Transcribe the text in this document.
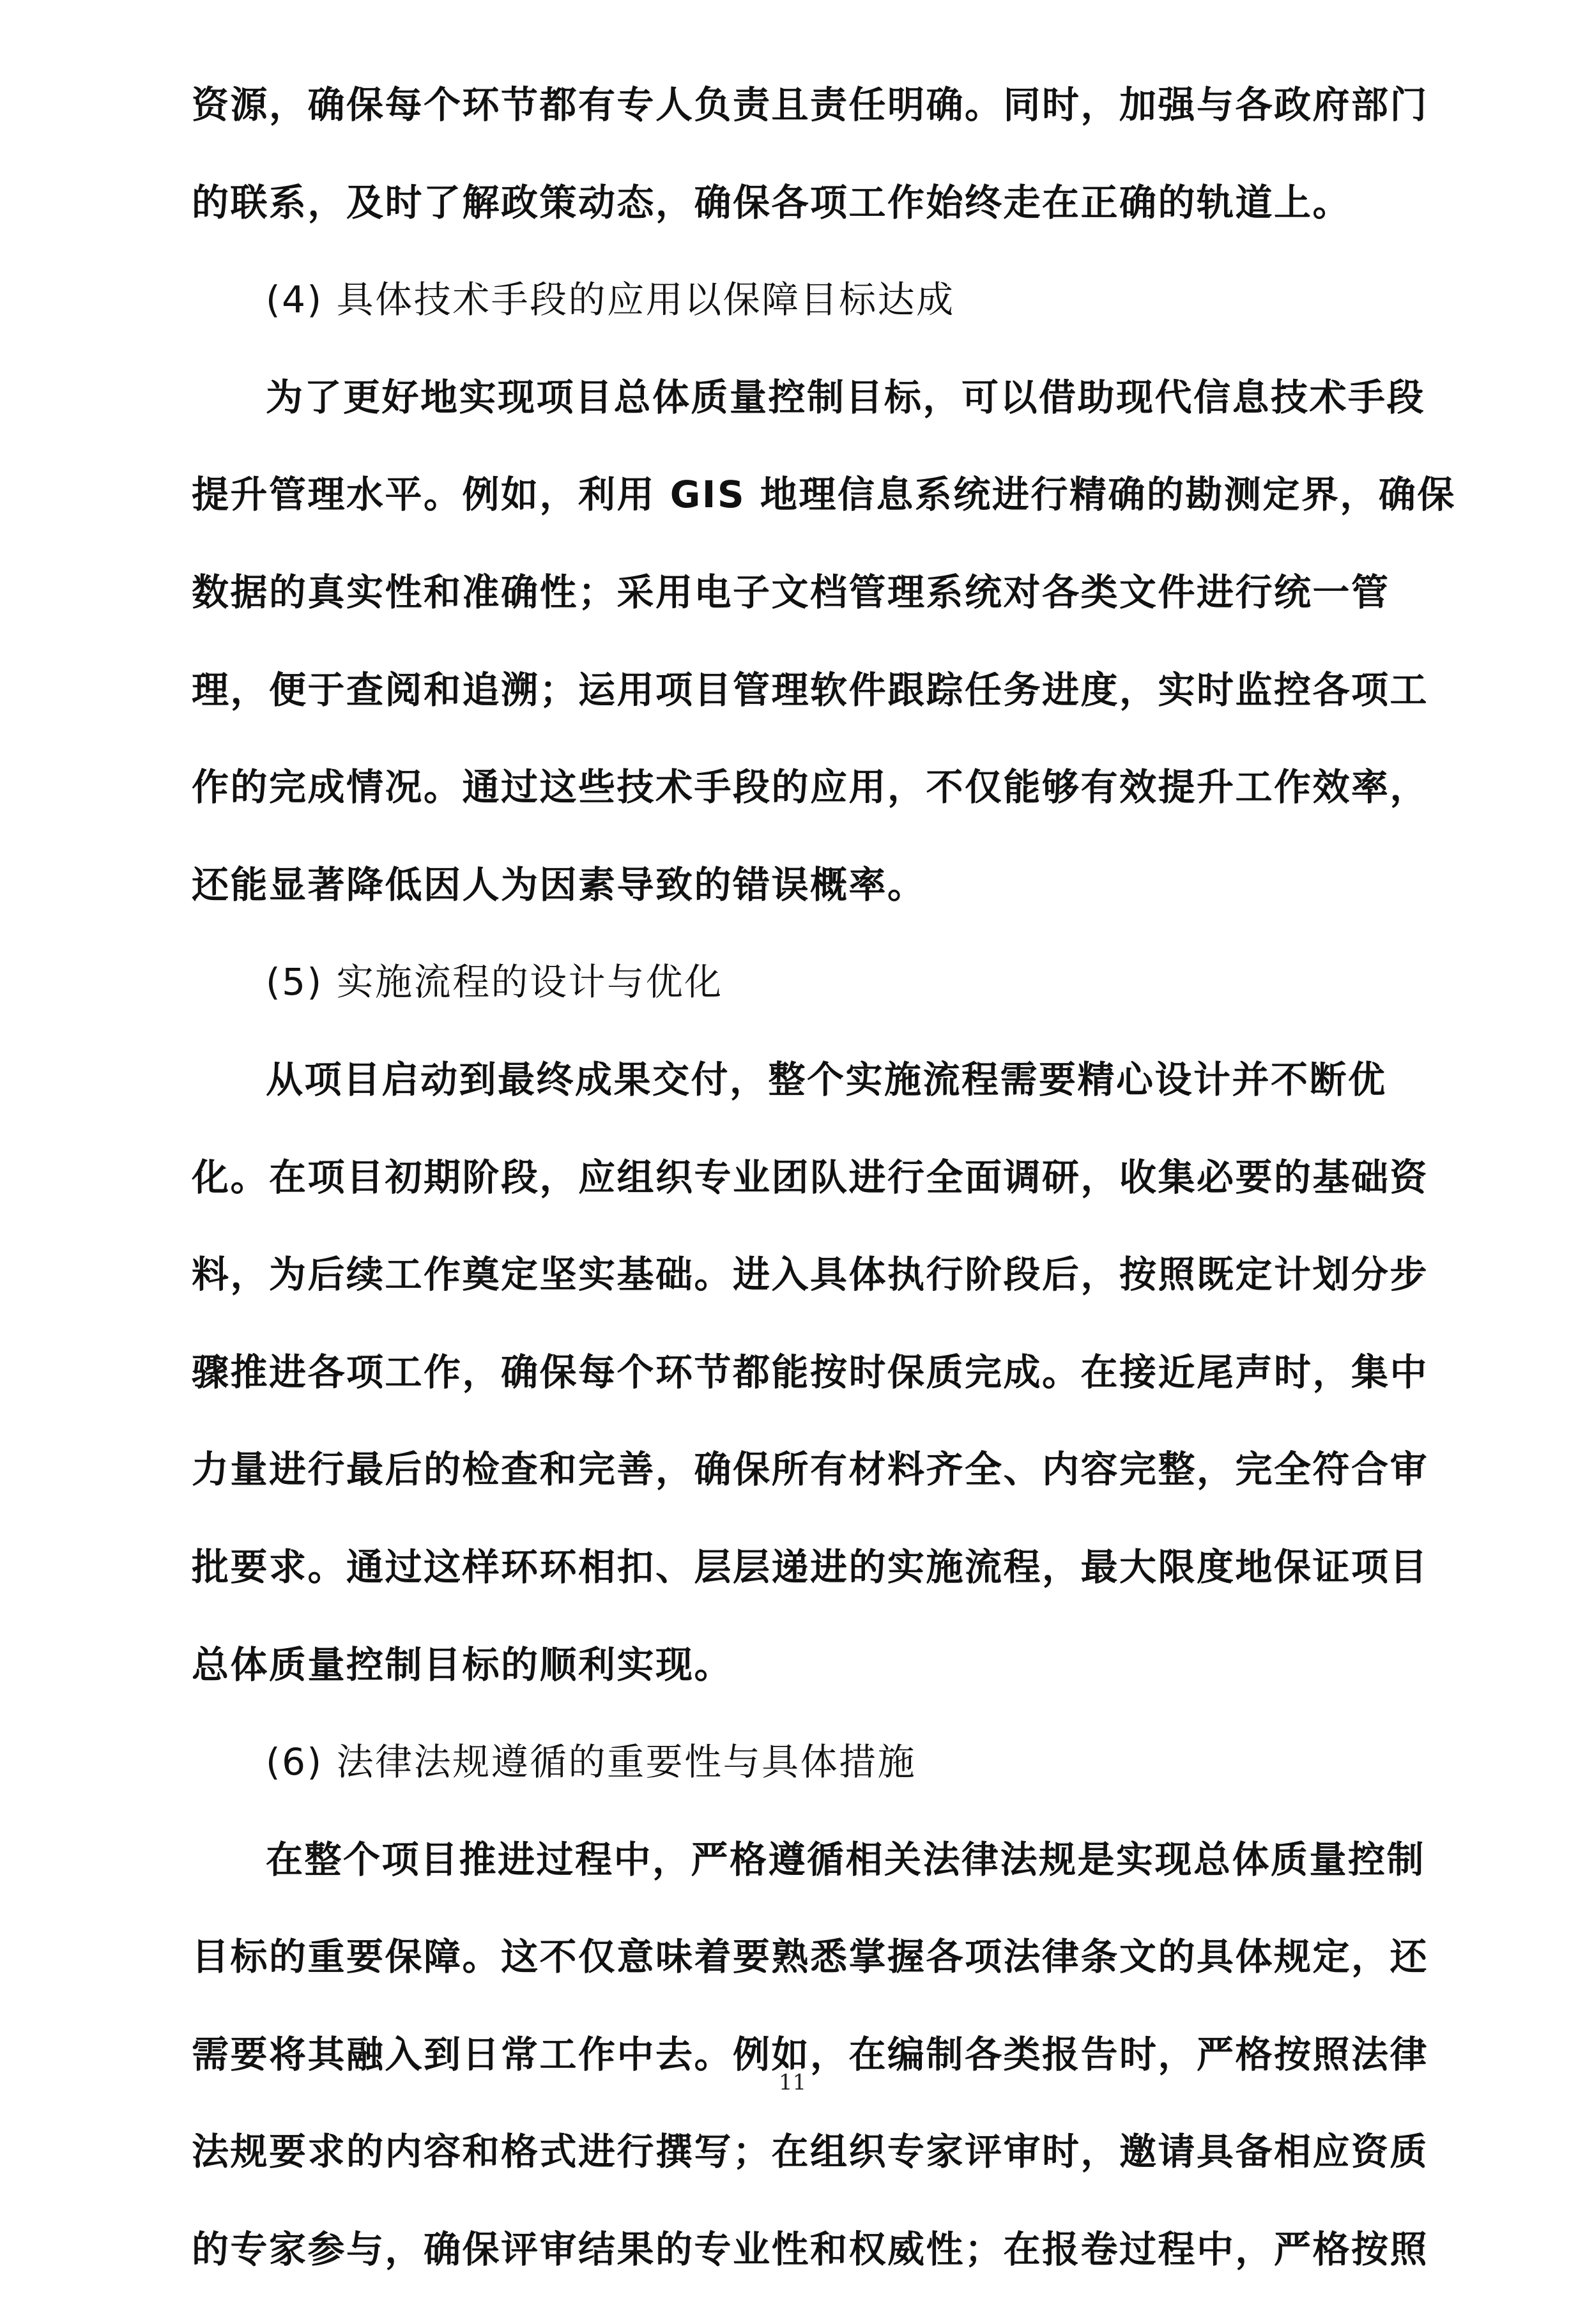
资源，确保每个环节都有专人负责且责任明确。同时，加强与各政府部门
的联系，及时了解政策动态，确保各项工作始终走在正确的轨道上。
(4) 具体技术手段的应用以保障目标达成
为了更好地实现项目总体质量控制目标，可以借助现代信息技术手段
提升管理水平。例如，利用 GIS 地理信息系统进行精确的勘测定界，确保
数据的真实性和准确性；采用电子文档管理系统对各类文件进行统一管
理，便于查阅和追溯；运用项目管理软件跟踪任务进度，实时监控各项工
作的完成情况。通过这些技术手段的应用，不仅能够有效提升工作效率，
还能显著降低因人为因素导致的错误概率。
(5) 实施流程的设计与优化
从项目启动到最终成果交付，整个实施流程需要精心设计并不断优
化。在项目初期阶段，应组织专业团队进行全面调研，收集必要的基础资
料，为后续工作奠定坚实基础。进入具体执行阶段后，按照既定计划分步
骤推进各项工作，确保每个环节都能按时保质完成。在接近尾声时，集中
力量进行最后的检查和完善，确保所有材料齐全、内容完整，完全符合审
批要求。通过这样环环相扣、层层递进的实施流程，最大限度地保证项目
总体质量控制目标的顺利实现。
(6) 法律法规遵循的重要性与具体措施
在整个项目推进过程中，严格遵循相关法律法规是实现总体质量控制
目标的重要保障。这不仅意味着要熟悉掌握各项法律条文的具体规定，还
需要将其融入到日常工作中去。例如，在编制各类报告时，严格按照法律
法规要求的内容和格式进行撰写；在组织专家评审时，邀请具备相应资质
的专家参与，确保评审结果的专业性和权威性；在报卷过程中，严格按照
11
